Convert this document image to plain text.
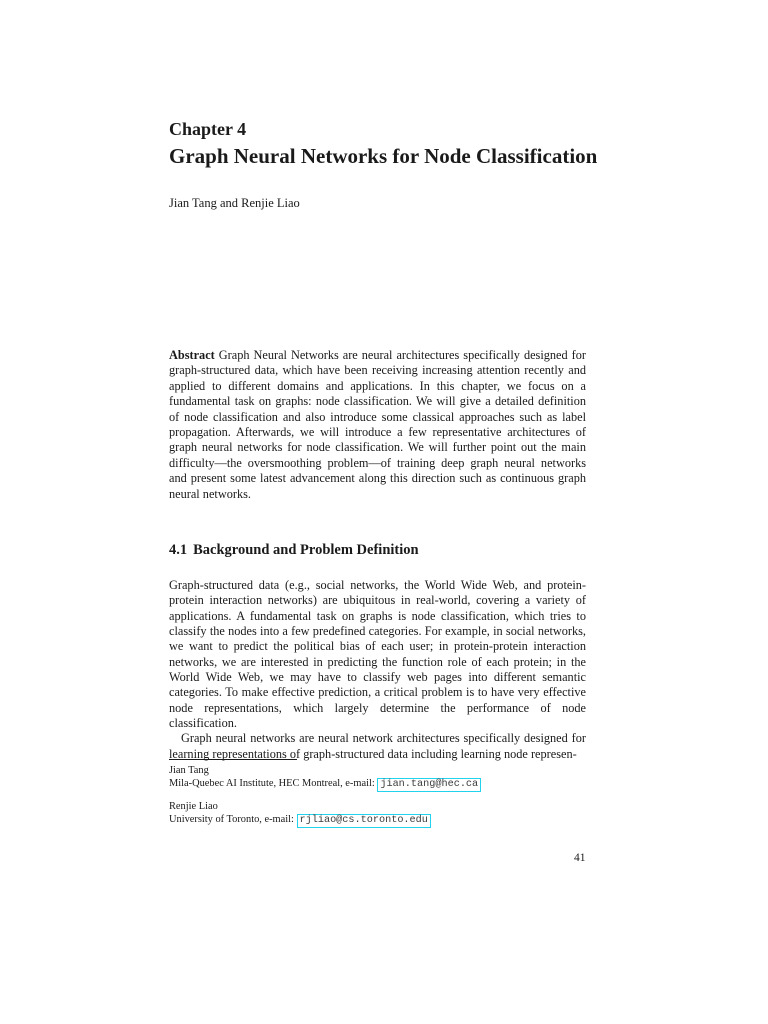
Chapter 4
Graph Neural Networks for Node Classification
Jian Tang and Renjie Liao
Abstract Graph Neural Networks are neural architectures specifically designed for graph-structured data, which have been receiving increasing attention recently and applied to different domains and applications. In this chapter, we focus on a fundamental task on graphs: node classification. We will give a detailed definition of node classification and also introduce some classical approaches such as label propagation. Afterwards, we will introduce a few representative architectures of graph neural networks for node classification. We will further point out the main difficulty—the oversmoothing problem—of training deep graph neural networks and present some latest advancement along this direction such as continuous graph neural networks.
4.1 Background and Problem Definition

Graph-structured data (e.g., social networks, the World Wide Web, and protein-protein interaction networks) are ubiquitous in real-world, covering a variety of applications. A fundamental task on graphs is node classification, which tries to classify the nodes into a few predefined categories. For example, in social networks, we want to predict the political bias of each user; in protein-protein interaction networks, we are interested in predicting the function role of each protein; in the World Wide Web, we may have to classify web pages into different semantic categories. To make effective prediction, a critical problem is to have very effective node representations, which largely determine the performance of node classification.

Graph neural networks are neural network architectures specifically designed for learning representations of graph-structured data including learning node represen-

Jian Tang
Mila-Quebec AI Institute, HEC Montreal, e-mail: jian.tang@hec.ca
Renjie Liao
University of Toronto, e-mail: rjliao@cs.toronto.edu
41
